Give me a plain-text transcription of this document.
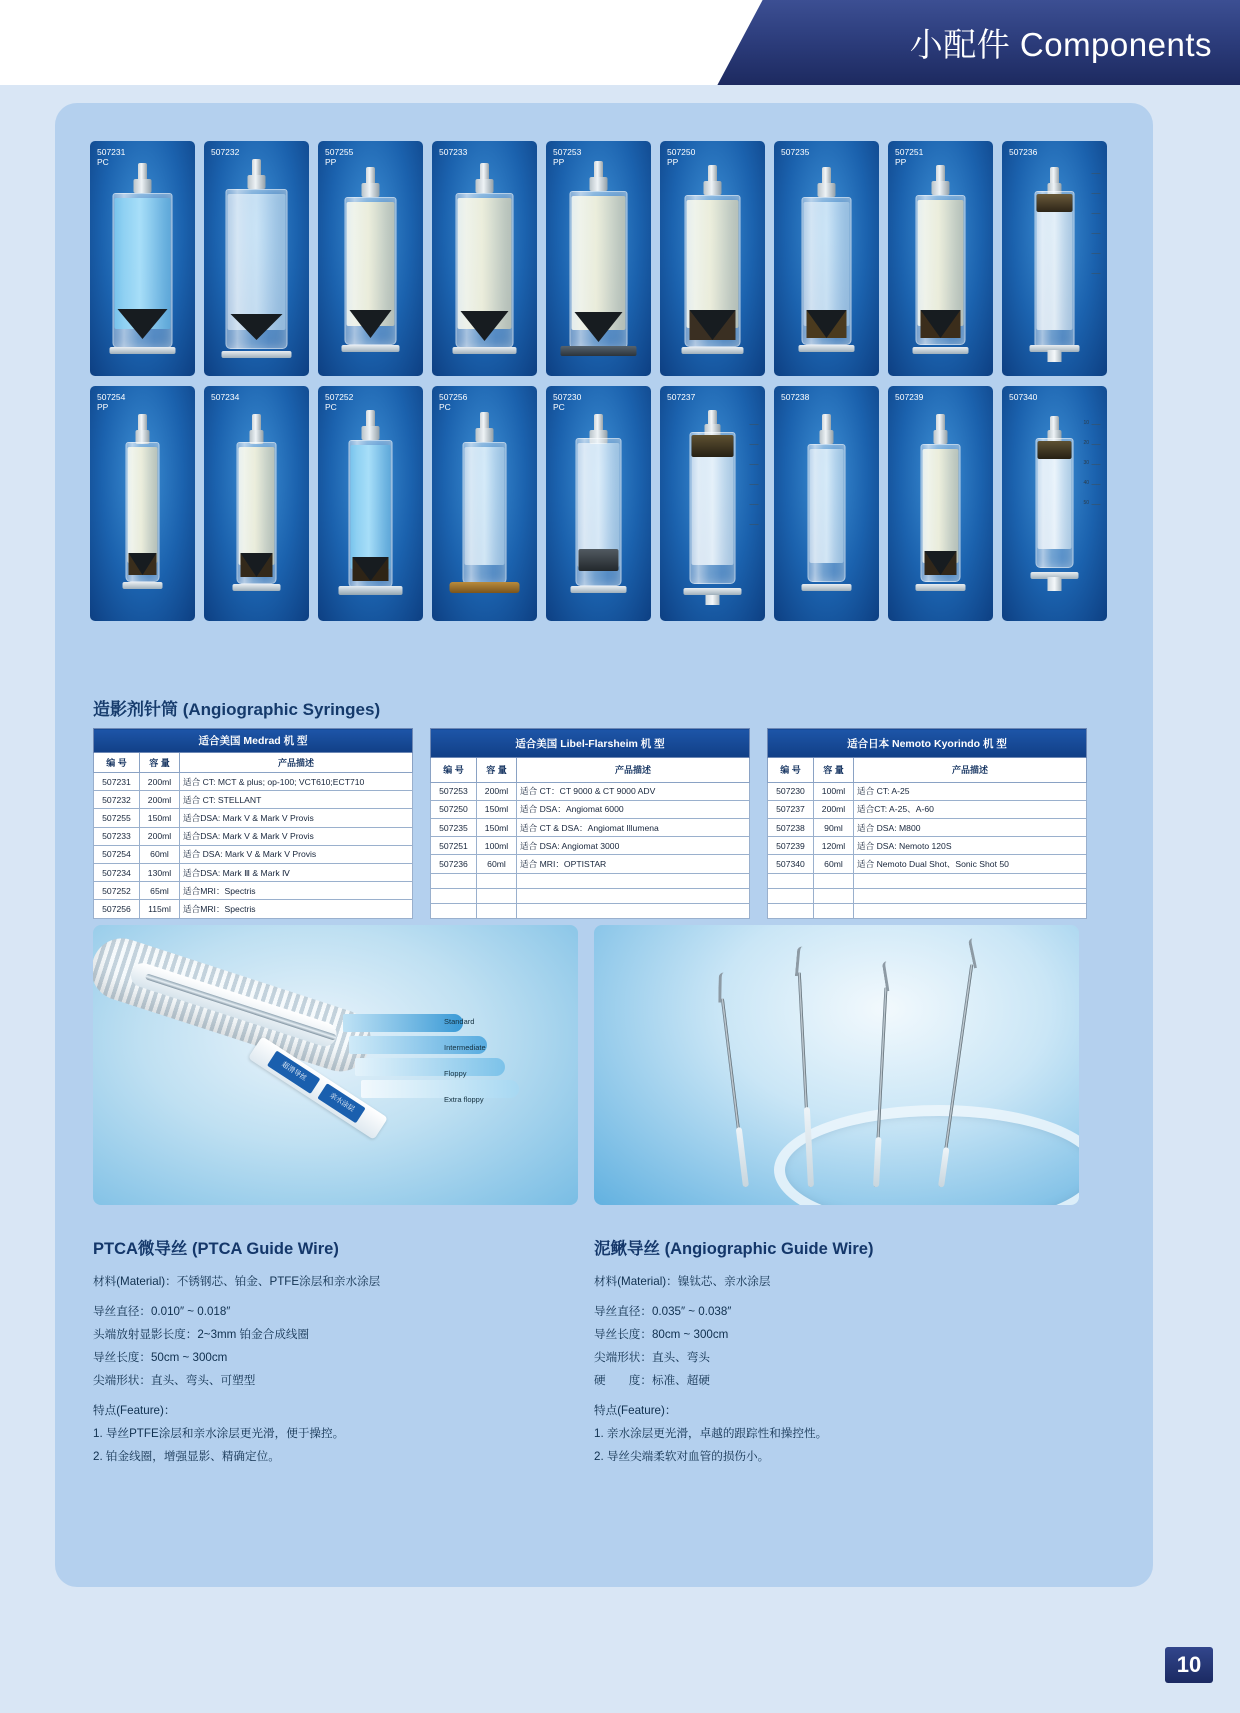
小配件 Components
507231
PC
507232	507255
PP
507233	507253
PP
507250
PP
507235	507251
PP
507236
507254
PP
507234	507252
PC
507256
PC
507230
PC
507237	507238	507239	507340
10
20
30
40
50
造影剂针筒 (Angiographic Syringes)
适合美国 Medrad 机 型		
编 号	容 量	产品描述
507231	200ml	适合 CT: MCT & plus; op-100; VCT610;ECT710
507232	200ml	适合 CT: STELLANT
507255	150ml	适合DSA: Mark V & Mark V Provis
507233	200ml	适合DSA: Mark V & Mark V Provis
507254	60ml	适合 DSA: Mark V & Mark V Provis
507234	130ml	适合DSA: Mark Ⅲ & Mark Ⅳ
507252	65ml	适合MRI：Spectris
507256	115ml	适合MRI：Spectris
适合美国 Libel-Flarsheim 机 型		
编 号	容 量	产品描述
507253	200ml	适合 CT：CT 9000 & CT 9000 ADV
507250	150ml	适合 DSA：Angiomat 6000
507235	150ml	适合 CT & DSA：Angiomat Illumena
507251	100ml	适合 DSA: Angiomat 3000
507236	60ml	适合 MRI：OPTISTAR

适合日本 Nemoto Kyorindo 机 型		
编 号	容 量	产品描述
507230	100ml	适合 CT: A-25
507237	200ml	适合CT: A-25、A-60
507238	90ml	适合 DSA: M800
507239	120ml	适合 DSA: Nemoto 120S
507340	60ml	适合 Nemoto Dual Shot、Sonic Shot 50

超滑导丝
亲水涂层
Standard
Intermediate
Floppy
Extra floppy
PTCA微导丝 (PTCA Guide Wire)

材料(Material)：不锈钢芯、铂金、PTFE涂层和亲水涂层

导丝直径：0.010″ ~ 0.018″

头端放射显影长度：2~3mm 铂金合成线圈

导丝长度：50cm ~ 300cm

尖端形状：直头、弯头、可塑型

特点(Feature)：

1. 导丝PTFE涂层和亲水涂层更光滑，便于操控。

2. 铂金线圈，增强显影、精确定位。

泥鳅导丝 (Angiographic Guide Wire)

材料(Material)：镍钛芯、亲水涂层

导丝直径：0.035″ ~ 0.038″

导丝长度：80cm ~ 300cm

尖端形状：直头、弯头

硬　　度：标准、超硬

特点(Feature)：

1. 亲水涂层更光滑，卓越的跟踪性和操控性。

2. 导丝尖端柔软对血管的损伤小。

10
